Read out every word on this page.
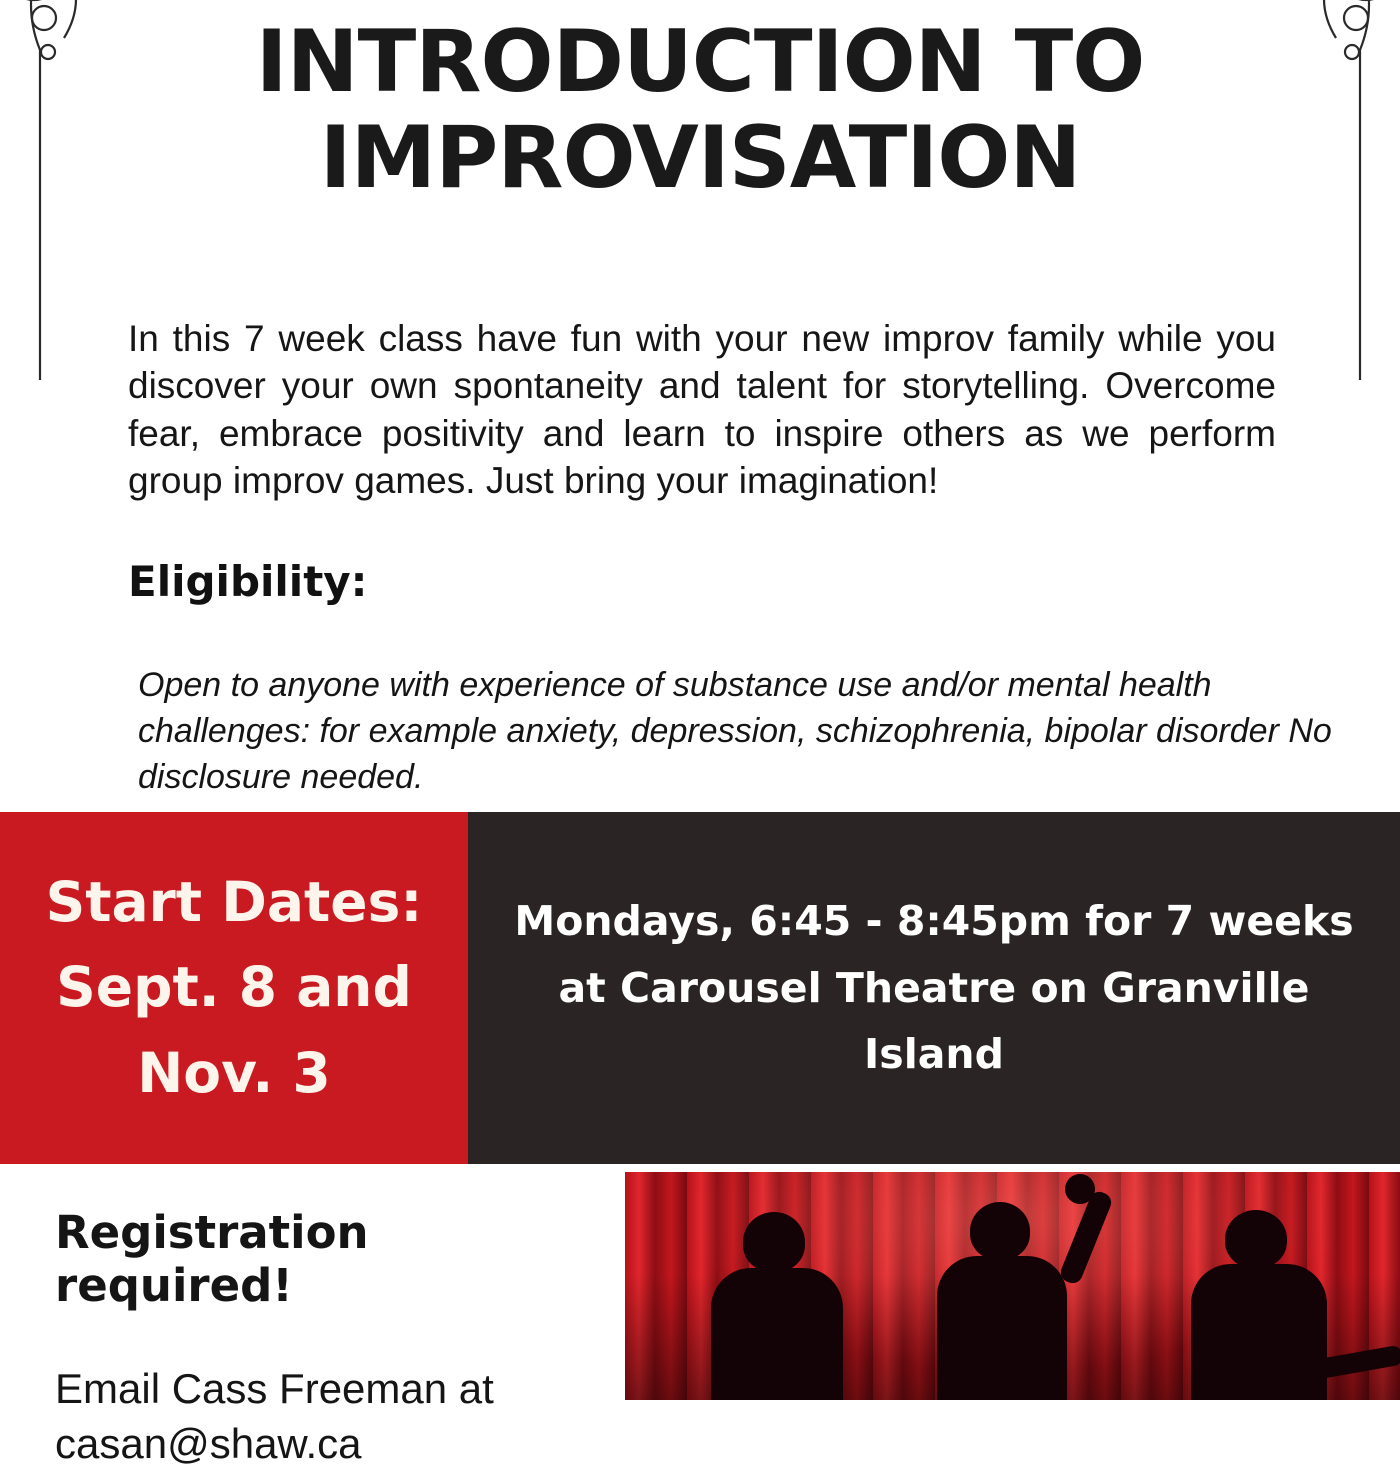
INTRODUCTION TO IMPROVISATION

In this 7 week class have fun with your new improv family while you discover your own spontaneity and talent for storytelling. Overcome fear, embrace positivity and learn to inspire others as we perform group improv games. Just bring your imagination!

Eligibility:

Open to anyone with experience of substance use and/or mental health challenges: for example anxiety, depression, schizophrenia, bipolar disorder No disclosure needed.

Start Dates: Sept. 8 and Nov. 3
Mondays, 6:45 - 8:45pm for 7 weeks at Carousel Theatre on Granville Island
Registration required!
Email Cass Freeman at casan@shaw.ca
